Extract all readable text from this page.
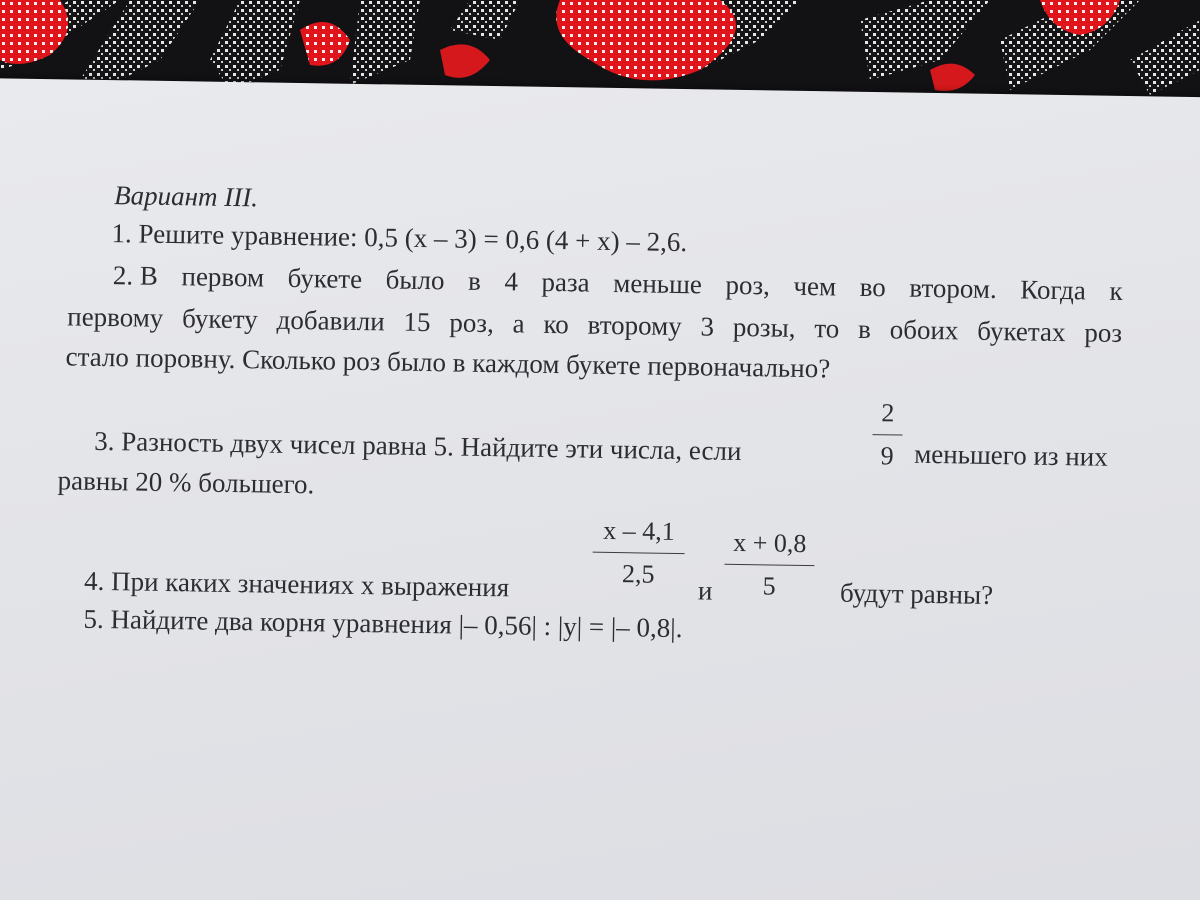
Вариант III.
1. Решите уравнение: 0,5 (x – 3) = 0,6 (4 + x) – 2,6.
2. В первом букете было в 4 раза меньше роз, чем во втором. Когда к
первому букету добавили 15 роз, а ко второму 3 розы, то в обоих букетах роз
стало поровну. Сколько роз было в каждом букете первоначально?
2
9
3. Разность двух чисел равна 5. Найдите эти числа, если	меньшего из них
равны 20 % большего.
x – 4,1
2,5
4. При каких значениях x выражения	и
x + 0,8
5	будут равны?
5. Найдите два корня уравнения |– 0,56| : |y| = |– 0,8|.
